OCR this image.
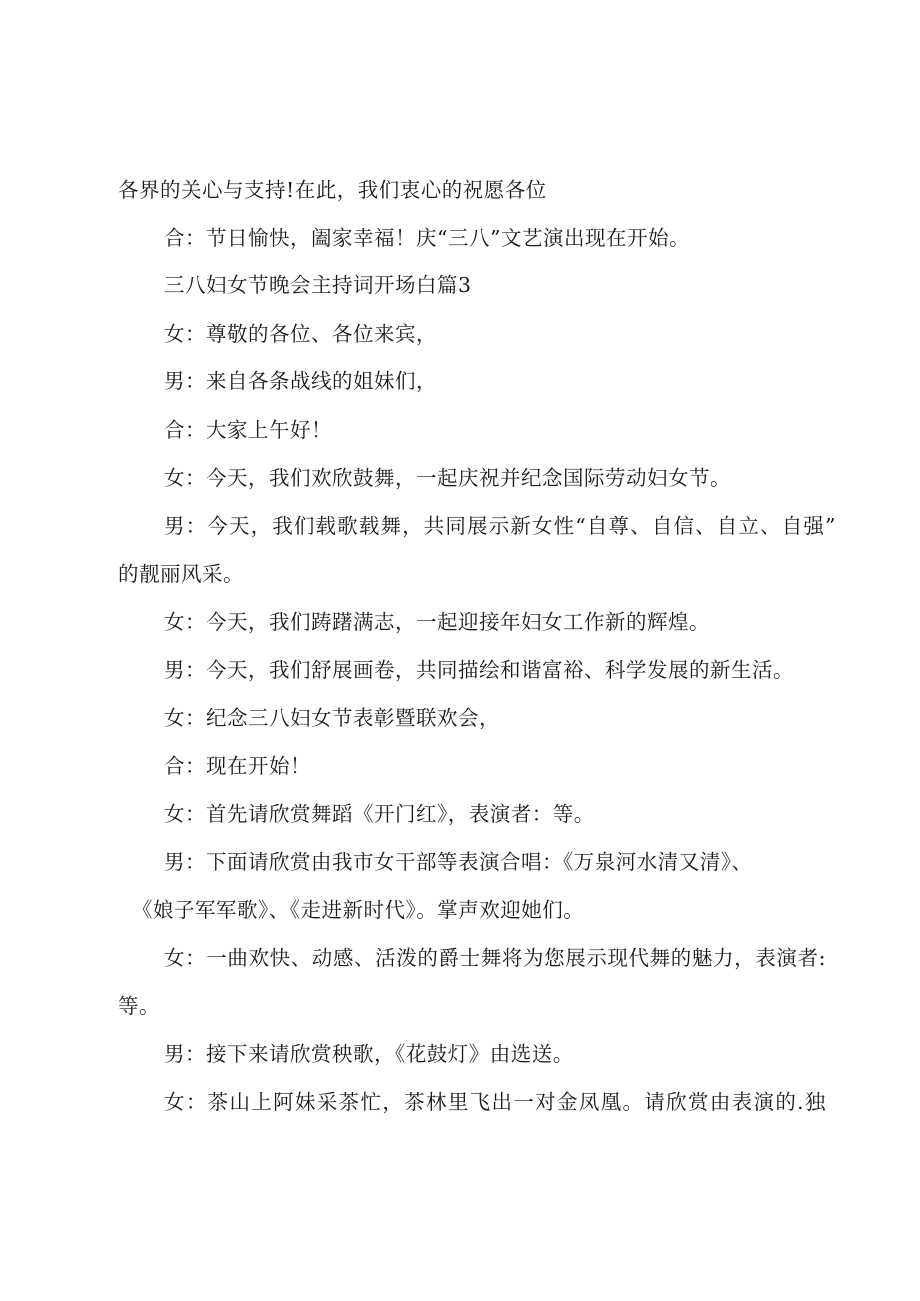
各界的关心与支持!在此，我们衷心的祝愿各位
合：节日愉快，阖家幸福！庆“三八”文艺演出现在开始。
三八妇女节晚会主持词开场白篇3
女：尊敬的各位、各位来宾，
男：来自各条战线的姐妹们，
合：大家上午好！
女：今天，我们欢欣鼓舞，一起庆祝并纪念国际劳动妇女节。
男：今天，我们载歌载舞，共同展示新女性“自尊、自信、自立、自强”
的靓丽风采。
女：今天，我们踌躇满志，一起迎接年妇女工作新的辉煌。
男：今天，我们舒展画卷，共同描绘和谐富裕、科学发展的新生活。
女：纪念三八妇女节表彰暨联欢会，
合：现在开始！
女：首先请欣赏舞蹈《开门红》，表演者：等。
男：下面请欣赏由我市女干部等表演合唱：《万泉河水清又清》、
《娘子军军歌》、《走进新时代》。掌声欢迎她们。
女：一曲欢快、动感、活泼的爵士舞将为您展示现代舞的魅力，表演者:
等。
男：接下来请欣赏秧歌，《花鼓灯》由选送。
女：茶山上阿妹采茶忙，茶林里飞出一对金凤凰。请欣赏由表演的.独
